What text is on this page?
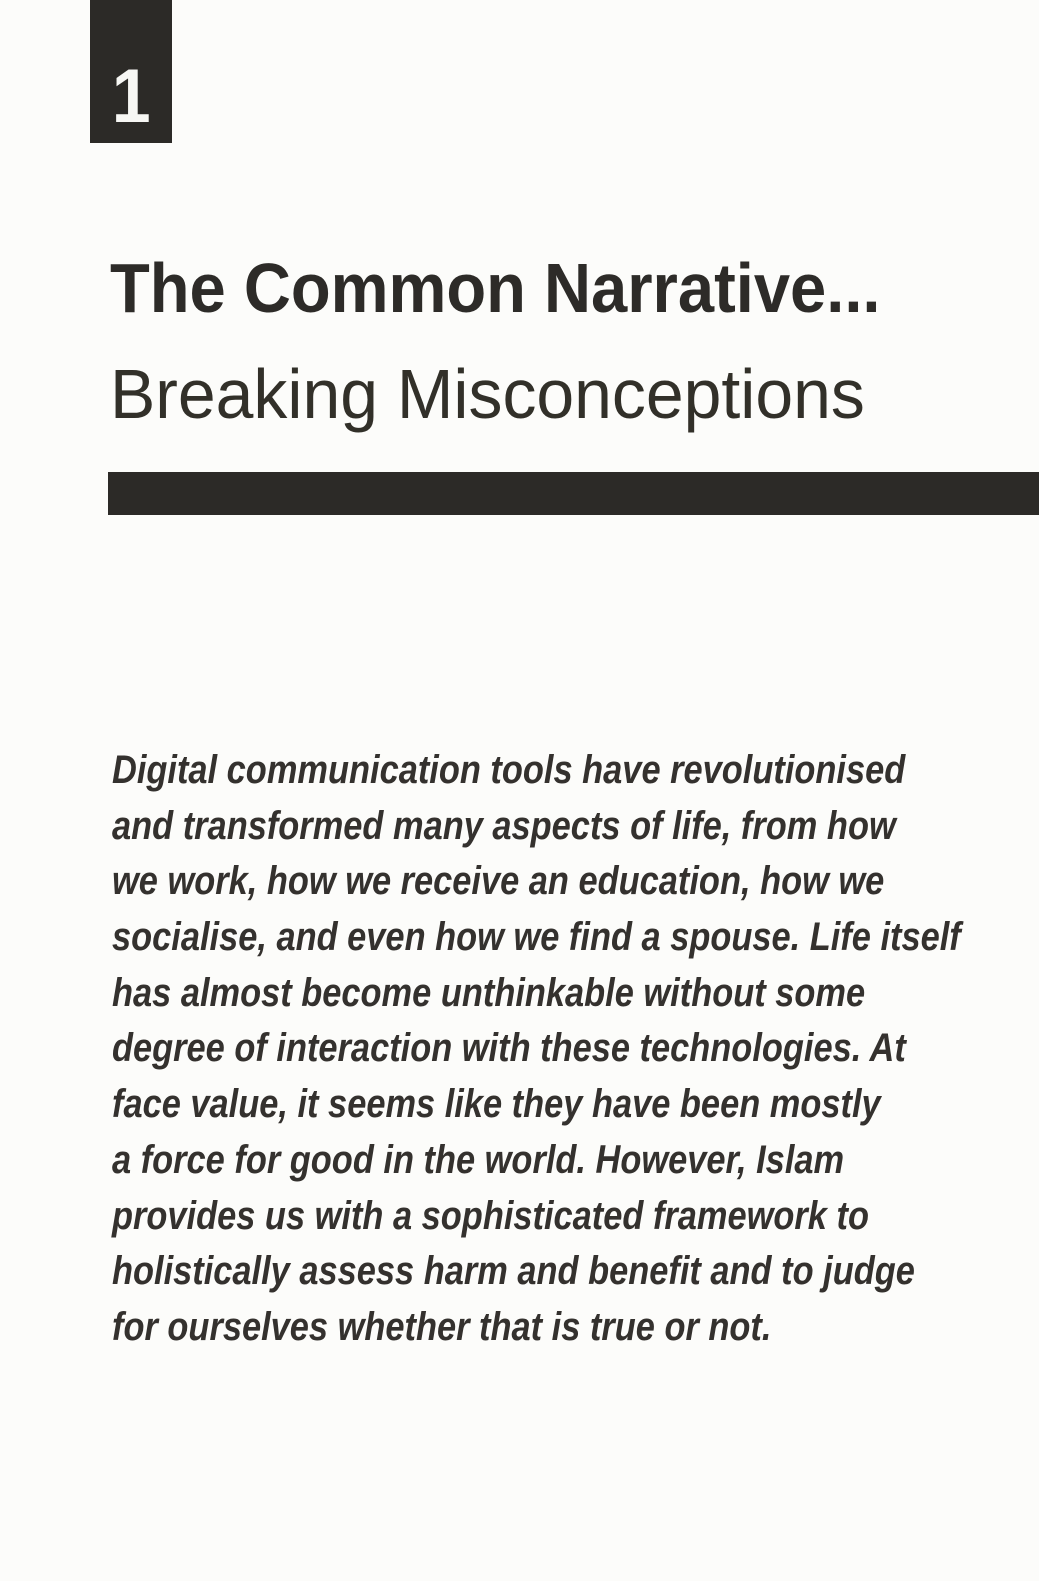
1
The Common Narrative...
Breaking Misconceptions
Digital communication tools have revolutionised
and transformed many aspects of life, from how
we work, how we receive an education, how we
socialise, and even how we find a spouse. Life itself
has almost become unthinkable without some
degree of interaction with these technologies. At
face value, it seems like they have been mostly
a force for good in the world. However, Islam
provides us with a sophisticated framework to
holistically assess harm and benefit and to judge
for ourselves whether that is true or not.
